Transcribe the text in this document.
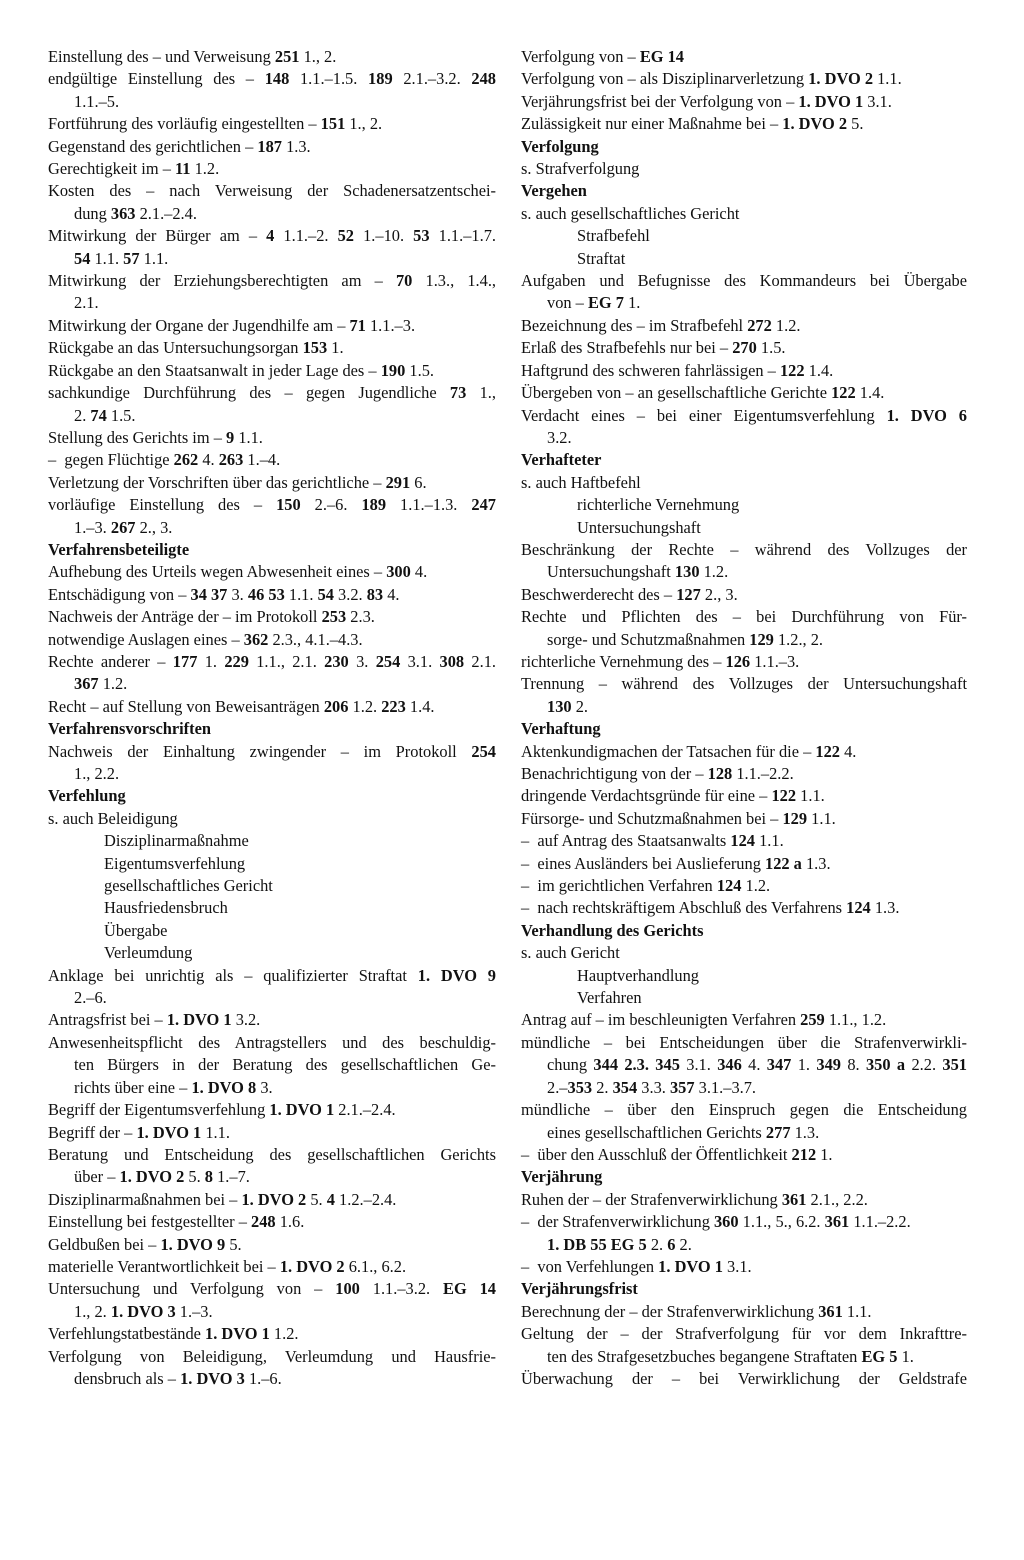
Einstellung des – und Verweisung 251 1., 2.
endgültige Einstellung des – 148 1.1.–1.5. 189 2.1.–3.2. 248
1.1.–5.
Fortführung des vorläufig eingestellten – 151 1., 2.
Gegenstand des gerichtlichen – 187 1.3.
Gerechtigkeit im – 11 1.2.
Kosten des – nach Verweisung der Schadenersatzentschei-
dung 363 2.1.–2.4.
Mitwirkung der Bürger am – 4 1.1.–2. 52 1.–10. 53 1.1.–1.7.
54 1.1. 57 1.1.
Mitwirkung der Erziehungsberechtigten am – 70 1.3., 1.4.,
2.1.
Mitwirkung der Organe der Jugendhilfe am – 71 1.1.–3.
Rückgabe an das Untersuchungsorgan 153 1.
Rückgabe an den Staatsanwalt in jeder Lage des – 190 1.5.
sachkundige Durchführung des – gegen Jugendliche 73 1.,
2. 74 1.5.
Stellung des Gerichts im – 9 1.1.
–  gegen Flüchtige 262 4. 263 1.–4.
Verletzung der Vorschriften über das gerichtliche – 291 6.
vorläufige Einstellung des – 150 2.–6. 189 1.1.–1.3. 247
1.–3. 267 2., 3.
Verfahrensbeteiligte
Aufhebung des Urteils wegen Abwesenheit eines – 300 4.
Entschädigung von – 34 37 3. 46 53 1.1. 54 3.2. 83 4.
Nachweis der Anträge der – im Protokoll 253 2.3.
notwendige Auslagen eines – 362 2.3., 4.1.–4.3.
Rechte anderer – 177 1. 229 1.1., 2.1. 230 3. 254 3.1. 308 2.1.
367 1.2.
Recht – auf Stellung von Beweisanträgen 206 1.2. 223 1.4.
Verfahrensvorschriften
Nachweis der Einhaltung zwingender – im Protokoll 254
1., 2.2.
Verfehlung
s. auch Beleidigung
Disziplinarmaßnahme
Eigentumsverfehlung
gesellschaftliches Gericht
Hausfriedensbruch
Übergabe
Verleumdung
Anklage bei unrichtig als – qualifizierter Straftat 1. DVO 9
2.–6.
Antragsfrist bei – 1. DVO 1 3.2.
Anwesenheitspflicht des Antragstellers und des beschuldig-
ten Bürgers in der Beratung des gesellschaftlichen Ge-
richts über eine – 1. DVO 8 3.
Begriff der Eigentumsverfehlung 1. DVO 1 2.1.–2.4.
Begriff der – 1. DVO 1 1.1.
Beratung und Entscheidung des gesellschaftlichen Gerichts
über – 1. DVO 2 5. 8 1.–7.
Disziplinarmaßnahmen bei – 1. DVO 2 5. 4 1.2.–2.4.
Einstellung bei festgestellter – 248 1.6.
Geldbußen bei – 1. DVO 9 5.
materielle Verantwortlichkeit bei – 1. DVO 2 6.1., 6.2.
Untersuchung und Verfolgung von – 100 1.1.–3.2. EG 14
1., 2. 1. DVO 3 1.–3.
Verfehlungstatbestände 1. DVO 1 1.2.
Verfolgung von Beleidigung, Verleumdung und Hausfrie-
densbruch als – 1. DVO 3 1.–6.
Verfolgung von – EG 14
Verfolgung von – als Disziplinarverletzung 1. DVO 2 1.1.
Verjährungsfrist bei der Verfolgung von – 1. DVO 1 3.1.
Zulässigkeit nur einer Maßnahme bei – 1. DVO 2 5.
Verfolgung
s. Strafverfolgung
Vergehen
s. auch gesellschaftliches Gericht
Strafbefehl
Straftat
Aufgaben und Befugnisse des Kommandeurs bei Übergabe
von – EG 7 1.
Bezeichnung des – im Strafbefehl 272 1.2.
Erlaß des Strafbefehls nur bei – 270 1.5.
Haftgrund des schweren fahrlässigen – 122 1.4.
Übergeben von – an gesellschaftliche Gerichte 122 1.4.
Verdacht eines – bei einer Eigentumsverfehlung 1. DVO 6
3.2.
Verhafteter
s. auch Haftbefehl
richterliche Vernehmung
Untersuchungshaft
Beschränkung der Rechte – während des Vollzuges der
Untersuchungshaft 130 1.2.
Beschwerderecht des – 127 2., 3.
Rechte und Pflichten des – bei Durchführung von Für-
sorge- und Schutzmaßnahmen 129 1.2., 2.
richterliche Vernehmung des – 126 1.1.–3.
Trennung – während des Vollzuges der Untersuchungshaft
130 2.
Verhaftung
Aktenkundigmachen der Tatsachen für die – 122 4.
Benachrichtigung von der – 128 1.1.–2.2.
dringende Verdachtsgründe für eine – 122 1.1.
Fürsorge- und Schutzmaßnahmen bei – 129 1.1.
–  auf Antrag des Staatsanwalts 124 1.1.
–  eines Ausländers bei Auslieferung 122 a 1.3.
–  im gerichtlichen Verfahren 124 1.2.
–  nach rechtskräftigem Abschluß des Verfahrens 124 1.3.
Verhandlung des Gerichts
s. auch Gericht
Hauptverhandlung
Verfahren
Antrag auf – im beschleunigten Verfahren 259 1.1., 1.2.
mündliche – bei Entscheidungen über die Strafenverwirkli-
chung 344 2.3. 345 3.1. 346 4. 347 1. 349 8. 350 a 2.2. 351
2.–353 2. 354 3.3. 357 3.1.–3.7.
mündliche – über den Einspruch gegen die Entscheidung
eines gesellschaftlichen Gerichts 277 1.3.
–  über den Ausschluß der Öffentlichkeit 212 1.
Verjährung
Ruhen der – der Strafenverwirklichung 361 2.1., 2.2.
–  der Strafenverwirklichung 360 1.1., 5., 6.2. 361 1.1.–2.2.
1. DB 55 EG 5 2. 6 2.
–  von Verfehlungen 1. DVO 1 3.1.
Verjährungsfrist
Berechnung der – der Strafenverwirklichung 361 1.1.
Geltung der – der Strafverfolgung für vor dem Inkrafttre-
ten des Strafgesetzbuches begangene Straftaten EG 5 1.
Überwachung der – bei Verwirklichung der Geldstrafe
